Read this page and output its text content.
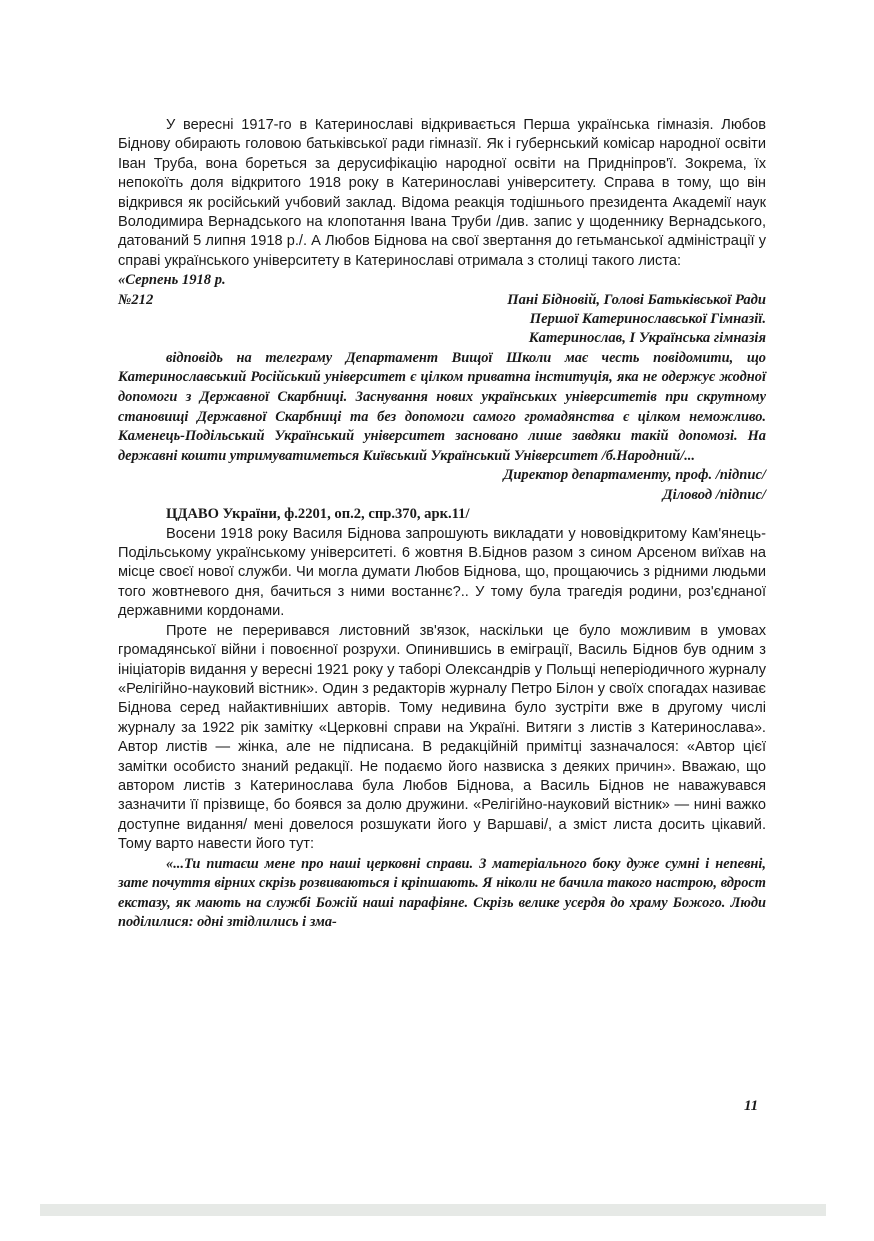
У вересні 1917-го в Катеринославі відкривається Перша українська гімназія. Любов Біднову обирають головою батьківської ради гімназії. Як і губернський комісар народної освіти Іван Труба, вона бореться за дерусифікацію народної освіти на Придніпров'ї. Зокрема, їх непокоїть доля відкритого 1918 року в Катеринославі університету. Справа в тому, що він відкрився як російський учбовий заклад. Відома реакція тодішнього президента Академії наук Володимира Вернадського на клопотання Івана Труби /див. запис у щоденнику Вернадського, датований 5 липня 1918 р./. А Любов Біднова на свої звертання до гетьманської адміністрації у справі українського університету в Катеринославі отримала з столиці такого листа:

«Серпень 1918 р.
№212	Пані Бідновій, Голові Батьківської Ради
Першої Катеринославської Гімназії.
Катеринослав, І Українська гімназія

відповідь на телеграму Департамент Вищої Школи має честь повідомити, що Катеринославський Російський університет є цілком приватна інституція, яка не одержує жодної допомоги з Державної Скарбниці. Заснування нових українських університетів при скрутному становищі Державної Скарбниці та без допомоги самого громадянства є цілком неможливо. Каменець-Подільський Український університет засновано лише завдяки такій допомозі. На державні кошти утримуватиметься Київський Український Університет /б.Народний/...

Директор департаменту, проф. /підпис/
Діловод /підпис/

ЦДАВО України, ф.2201, оп.2, спр.370, арк.11/

Восени 1918 року Василя Біднова запрошують викладати у нововідкритому Кам'янець-Подільському українському університеті. 6 жовтня В.Біднов разом з сином Арсеном виїхав на місце своєї нової служби. Чи могла думати Любов Біднова, що, прощаючись з рідними людьми того жовтневого дня, бачиться з ними востаннє?.. У тому була трагедія родини, роз'єднаної державними кордонами.

Проте не переривався листовний зв'язок, наскільки це було можливим в умовах громадянської війни і повоєнної розрухи. Опинившись в еміграції, Василь Біднов був одним з ініціаторів видання у вересні 1921 року у таборі Олександрів у Польщі неперіодичного журналу «Релігійно-науковий вістник». Один з редакторів журналу Петро Білон у своїх спогадах називає Біднова серед найактивніших авторів. Тому недивина було зустріти вже в другому числі журналу за 1922 рік замітку «Церковні справи на Україні. Витяги з листів з Катеринослава». Автор листів — жінка, але не підписана. В редакційній примітці зазначалося: «Автор цієї замітки особисто знаний редакції. Не подаємо його назвиска з деяких причин». Вважаю, що автором листів з Катеринослава була Любов Біднова, а Василь Біднов не наважувався зазначити її прізвище, бо боявся за долю дружини. «Релігійно-науковий вістник» — нині важко доступне видання/ мені довелося розшукати його у Варшаві/, а зміст листа досить цікавий. Тому варто навести його тут:

«...Ти питаєш мене про наші церковні справи. З матеріального боку дуже сумні і непевні, зате почуття вірних скрізь розвиваються і кріпшають. Я ніколи не бачила такого настрою, вдрост екстазу, як мають на службі Божій наші парафіяне. Скрізь велике усердя до храму Божого. Люди поділилися: одні зтідлились і зма-

11
